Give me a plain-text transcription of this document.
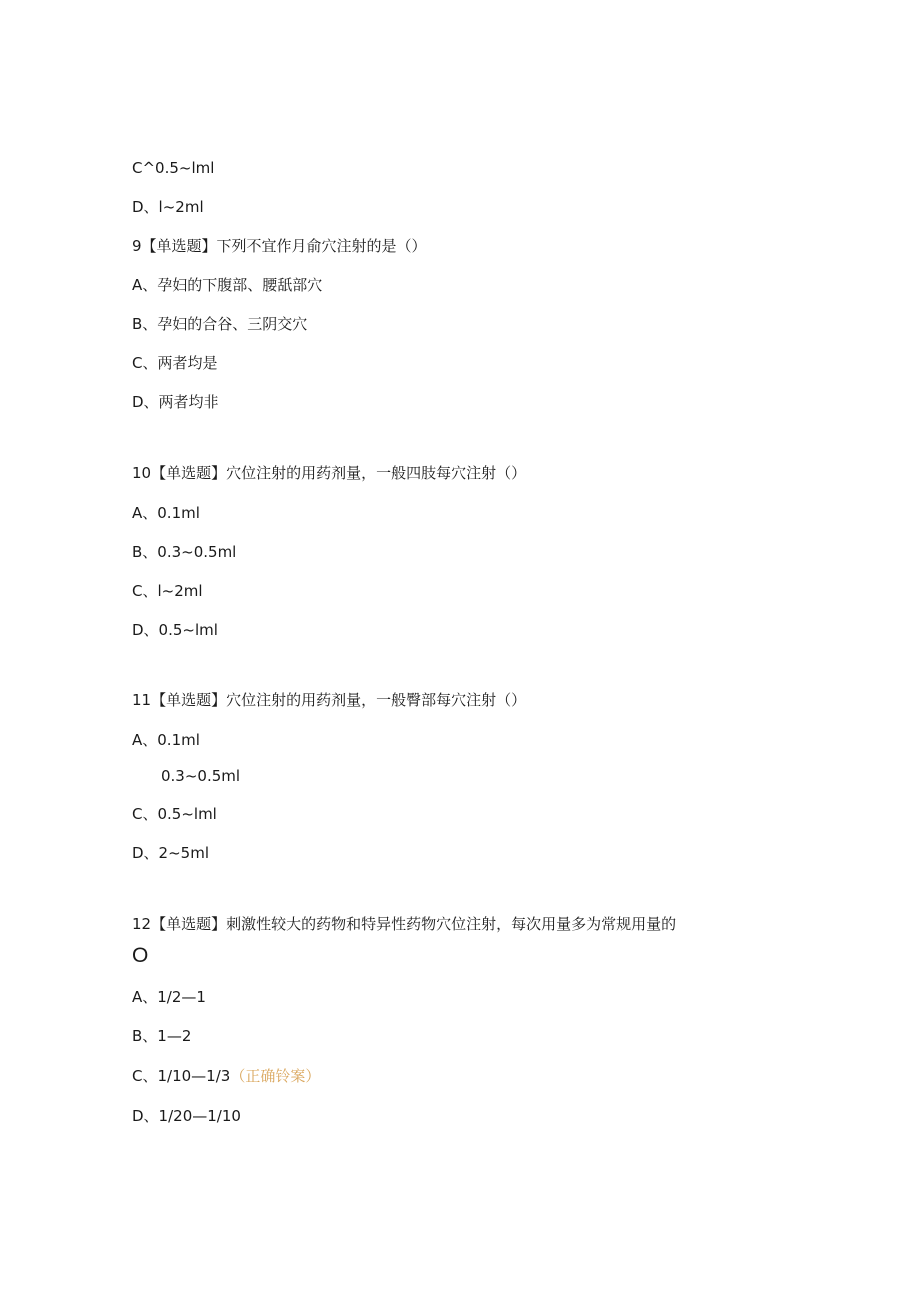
C^0.5~lml
D、l~2ml
9【单选题】下列不宜作月俞穴注射的是（）
A、孕妇的下腹部、腰舐部穴
B、孕妇的合谷、三阴交穴
C、两者均是
D、两者均非
10【单选题】穴位注射的用药剂量，一般四肢每穴注射（）
A、0.1ml
B、0.3~0.5ml
C、l~2ml
D、0.5~lml
11【单选题】穴位注射的用药剂量，一般臀部每穴注射（）
A、0.1ml
0.3~0.5ml
C、0.5~lml
D、2~5ml
12【单选题】刺激性较大的药物和特异性药物穴位注射，每次用量多为常规用量的
O
A、1/2—1
B、1—2
C、1/10—1/3（正确铃案）
D、1/20—1/10
